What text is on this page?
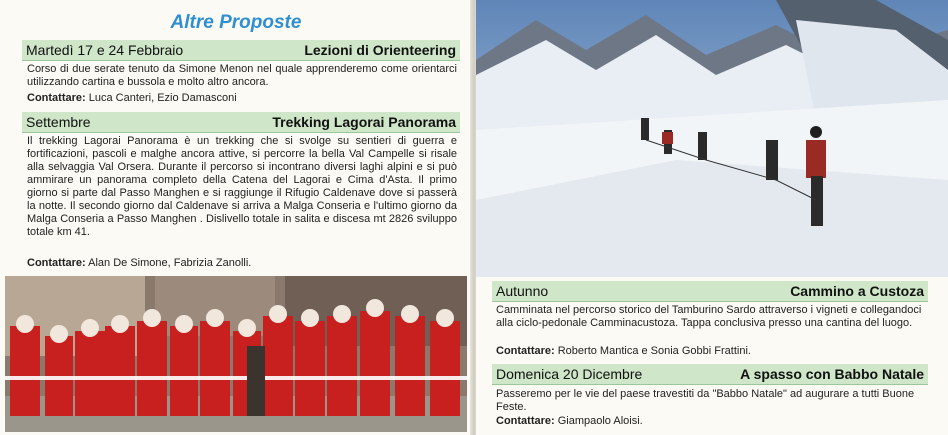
Altre Proposte
Martedì 17 e 24 Febbraio	Lezioni di Orienteering
Corso di due serate tenuto da Simone Menon nel quale apprenderemo come orientarci utilizzando cartina e bussola e molto altro ancora.
Contattare: Luca Canteri, Ezio Damasconi
Settembre	Trekking Lagorai Panorama
Il trekking Lagorai Panorama è un trekking che si svolge su sentieri di guerra e fortificazioni, pascoli e malghe ancora attive, si percorre la bella Val Campelle si risale alla selvaggia Val Orsera. Durante il percorso si incontrano diversi laghi alpini e si può ammirare un panorama completo della Catena del Lagorai e Cima d'Asta. Il primo giorno si parte dal Passo Manghen e si raggiunge il Rifugio Caldenave dove si passerà la notte. Il secondo giorno dal Caldenave si arriva a Malga Conseria e l'ultimo giorno da Malga Conseria a Passo Manghen . Dislivello totale in salita e discesa mt 2826 sviluppo totale km 41.
Contattare: Alan De Simone, Fabrizia Zanolli.
Autunno	Cammino a Custoza
Camminata nel percorso storico del Tamburino Sardo attraverso i vigneti e collegandoci alla ciclo-pedonale Camminacustoza. Tappa conclusiva presso una cantina del luogo.
Contattare: Roberto Mantica e Sonia Gobbi Frattini.
Domenica 20 Dicembre	A spasso con Babbo Natale
Passeremo per le vie del paese travestiti da "Babbo Natale" ad augurare a tutti Buone Feste.
Contattare: Giampaolo Aloisi.
